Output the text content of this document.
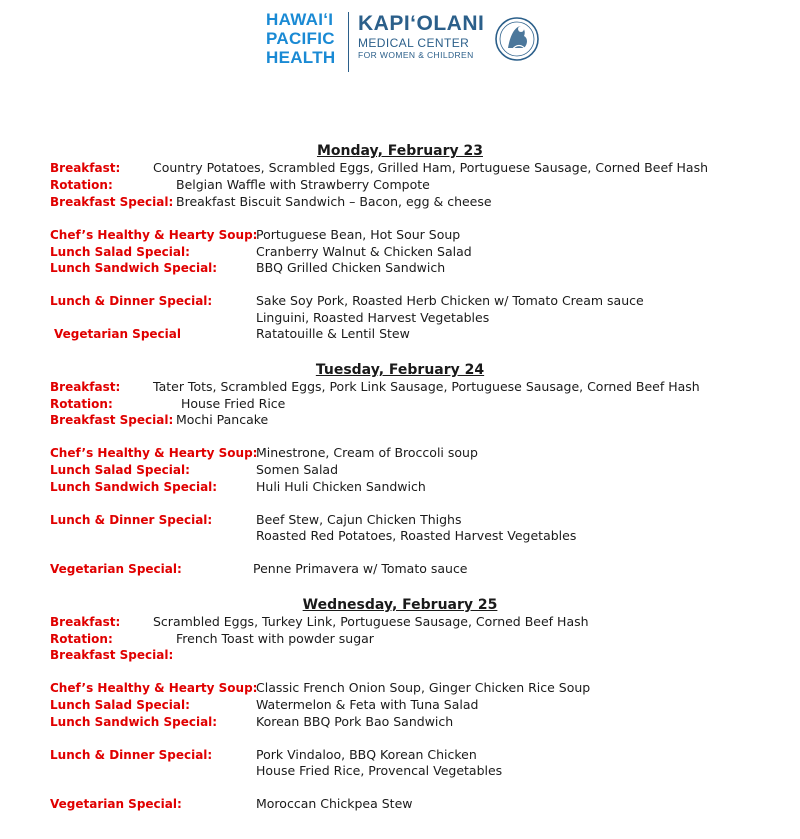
HAWAIʻI
PACIFIC
HEALTH
KAPIʻOLANI
MEDICAL CENTER
FOR WOMEN & CHILDREN
Monday, February 23
Breakfast:	Country Potatoes, Scrambled Eggs, Grilled Ham, Portuguese Sausage, Corned Beef Hash
Rotation:	Belgian Waffle with Strawberry Compote
Breakfast Special: Breakfast Biscuit Sandwich – Bacon, egg & cheese
Chef’s Healthy & Hearty Soup:
Portuguese Bean, Hot Sour Soup
Lunch Salad Special:	Cranberry Walnut & Chicken Salad
Lunch Sandwich Special:	BBQ Grilled Chicken Sandwich
Lunch & Dinner Special:	Sake Soy Pork, Roasted Herb Chicken w/ Tomato Cream sauce
Linguini, Roasted Harvest Vegetables
Vegetarian Special	Ratatouille & Lentil Stew
Tuesday, February 24
Breakfast:	Tater Tots, Scrambled Eggs, Pork Link Sausage, Portuguese Sausage, Corned Beef Hash
Rotation:	House Fried Rice
Breakfast Special: Mochi Pancake
Chef’s Healthy & Hearty Soup:
Minestrone, Cream of Broccoli soup
Lunch Salad Special:	Somen Salad
Lunch Sandwich Special:	Huli Huli Chicken Sandwich
Lunch & Dinner Special:	Beef Stew, Cajun Chicken Thighs
Roasted Red Potatoes, Roasted Harvest Vegetables
Vegetarian Special:	Penne Primavera w/ Tomato sauce
Wednesday, February 25
Breakfast:	Scrambled Eggs, Turkey Link, Portuguese Sausage, Corned Beef Hash
Rotation:	French Toast with powder sugar
Breakfast Special:
Chef’s Healthy & Hearty Soup:
Classic French Onion Soup, Ginger Chicken Rice Soup
Lunch Salad Special:	Watermelon & Feta with Tuna Salad
Lunch Sandwich Special:	Korean BBQ Pork Bao Sandwich
Lunch & Dinner Special:	Pork Vindaloo, BBQ Korean Chicken
House Fried Rice, Provencal Vegetables
Vegetarian Special:	Moroccan Chickpea Stew
